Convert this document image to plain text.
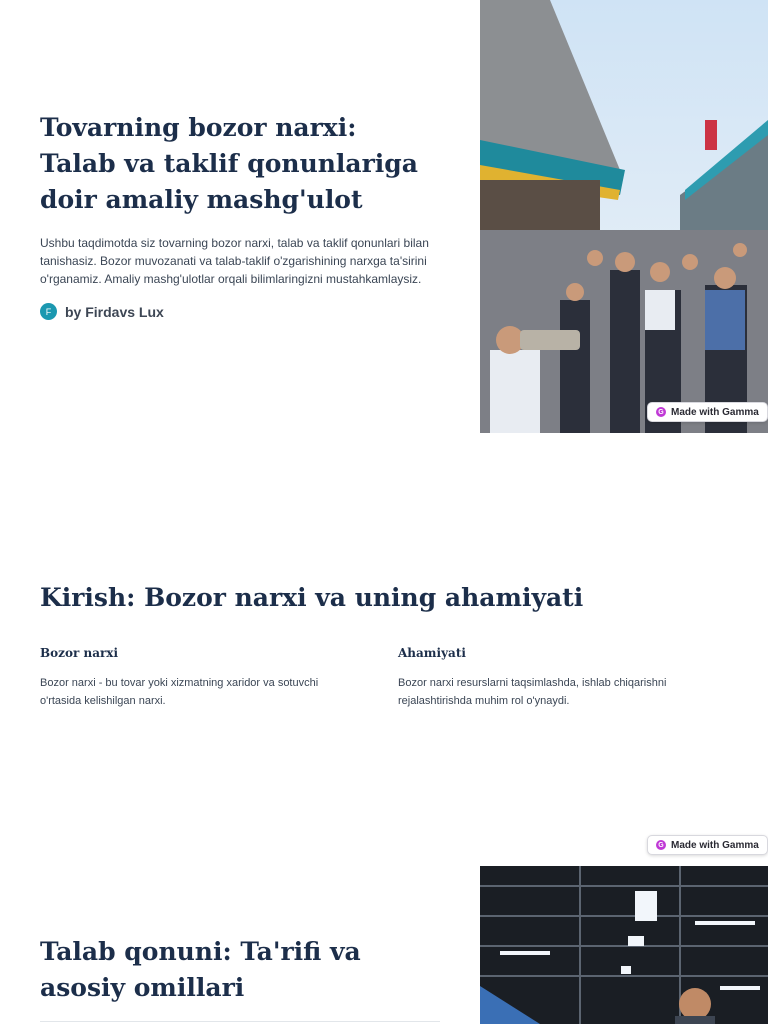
Tovarning bozor narxi: Talab va taklif qonunlariga doir amaliy mashg'ulot

Ushbu taqdimotda siz tovarning bozor narxi, talab va taklif qonunlari bilan tanishasiz. Bozor muvozanati va talab-taklif o'zgarishining narxga ta'sirini o'rganamiz. Amaliy mashg'ulotlar orqali bilimlaringizni mustahkamlaysiz.

F by Firdavs Lux
G Made with Gamma
Kirish: Bozor narxi va uning ahamiyati
Bozor narxi

Bozor narxi - bu tovar yoki xizmatning xaridor va sotuvchi o'rtasida kelishilgan narxi.

Ahamiyati

Bozor narxi resurslarni taqsimlashda, ishlab chiqarishni rejalashtirishda muhim rol o'ynaydi.

G Made with Gamma
Talab qonuni: Ta'rifi va asosiy omillari
